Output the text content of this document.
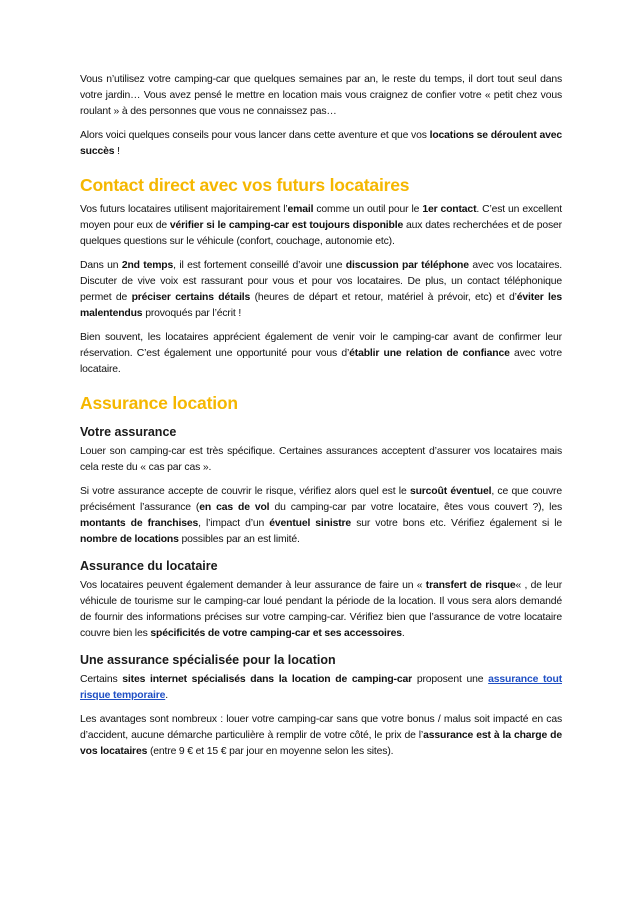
Vous n’utilisez votre camping-car que quelques semaines par an, le reste du temps, il dort tout seul dans votre jardin… Vous avez pensé le mettre en location mais vous craignez de confier votre « petit chez vous roulant » à des personnes que vous ne connaissez pas…

Alors voici quelques conseils pour vous lancer dans cette aventure et que vos locations se déroulent avec succès !

Contact direct avec vos futurs locataires

Vos futurs locataires utilisent majoritairement l’email comme un outil pour le 1er contact. C’est un excellent moyen pour eux de vérifier si le camping-car est toujours disponible aux dates recherchées et de poser quelques questions sur le véhicule (confort, couchage, autonomie etc).

Dans un 2nd temps, il est fortement conseillé d’avoir une discussion par téléphone avec vos locataires. Discuter de vive voix est rassurant pour vous et pour vos locataires. De plus, un contact téléphonique permet de préciser certains détails (heures de départ et retour, matériel à prévoir, etc) et d’éviter les malentendus provoqués par l’écrit !

Bien souvent, les locataires apprécient également de venir voir le camping-car avant de confirmer leur réservation. C’est également une opportunité pour vous d’établir une relation de confiance avec votre locataire.

Assurance location
Votre assurance

Louer son camping-car est très spécifique. Certaines assurances acceptent d’assurer vos locataires mais cela reste du « cas par cas ».

Si votre assurance accepte de couvrir le risque, vérifiez alors quel est le surcoût éventuel, ce que couvre précisément l’assurance (en cas de vol du camping-car par votre locataire, êtes vous couvert ?), les montants de franchises, l’impact d’un éventuel sinistre sur votre bons etc. Vérifiez également si le nombre de locations possibles par an est limité.

Assurance du locataire

Vos locataires peuvent également demander à leur assurance de faire un « transfert de risque« , de leur véhicule de tourisme sur le camping-car loué pendant la période de la location. Il vous sera alors demandé de fournir des informations précises sur votre camping-car. Vérifiez bien que l’assurance de votre locataire couvre bien les spécificités de votre camping-car et ses accessoires.

Une assurance spécialisée pour la location

Certains sites internet spécialisés dans la location de camping-car proposent une assurance tout risque temporaire.

Les avantages sont nombreux : louer votre camping-car sans que votre bonus / malus soit impacté en cas d’accident, aucune démarche particulière à remplir de votre côté, le prix de l’assurance est à la charge de vos locataires (entre 9 € et 15 € par jour en moyenne selon les sites).
